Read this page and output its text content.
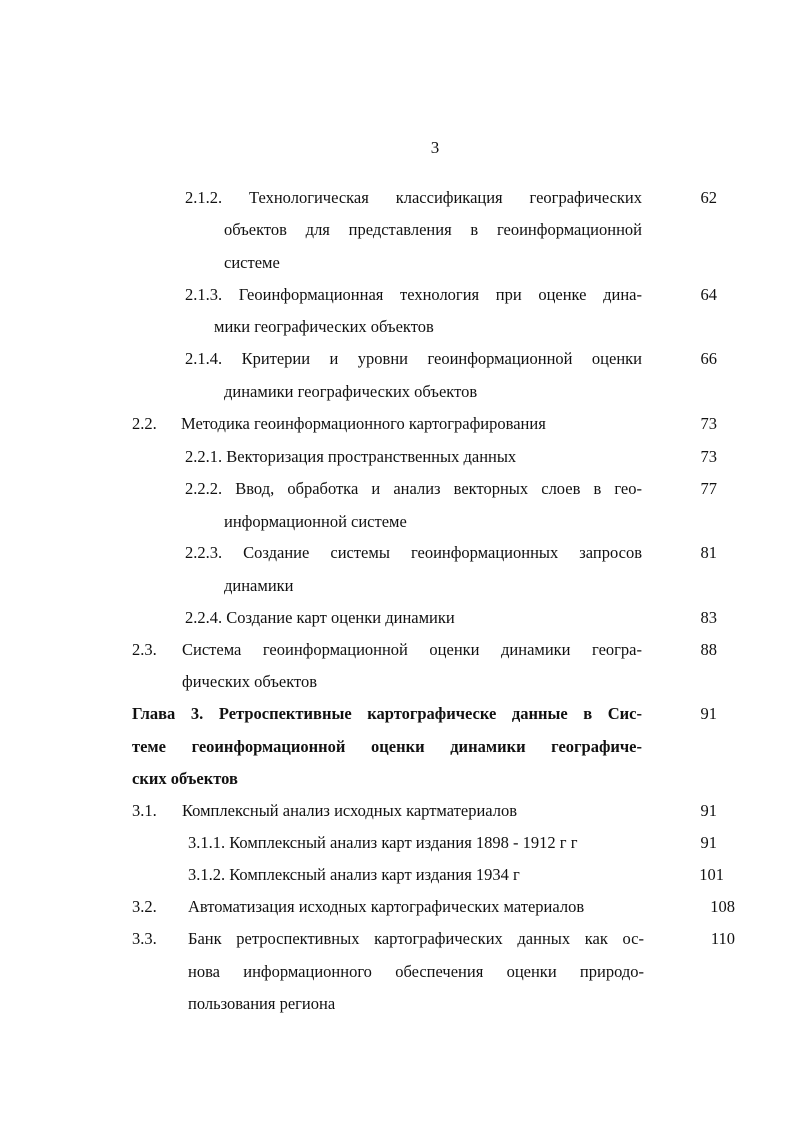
3
2.1.2. Технологическая классификация географических	62
объектов для представления в геоинформационной
системе
2.1.3. Геоинформационная технология при оценке дина-	64
мики географических объектов
2.1.4. Критерии и уровни геоинформационной оценки	66
динамики географических объектов
2.2. Методика геоинформационного картографирования	73
2.2.1. Векторизация пространственных данных	73
2.2.2. Ввод, обработка и анализ векторных слоев в гео-	77
информационной системе
2.2.3. Создание системы геоинформационных запросов	81
динамики
2.2.4. Создание карт оценки динамики	83
2.3. Система геоинформационной оценки динамики геогра-	88
фических объектов
Глава 3. Ретроспективные картографическе данные в Сис-	91
теме геоинформационной оценки динамики географиче-
ских объектов
3.1. Комплексный анализ исходных картматериалов	91
3.1.1. Комплексный анализ карт издания 1898 - 1912 г г	91
3.1.2. Комплексный анализ карт издания 1934 г	101
3.2. Автоматизация исходных картографических материалов	108
3.3. Банк ретроспективных картографических данных как ос-	110
нова информационного обеспечения оценки природо-
пользования региона
